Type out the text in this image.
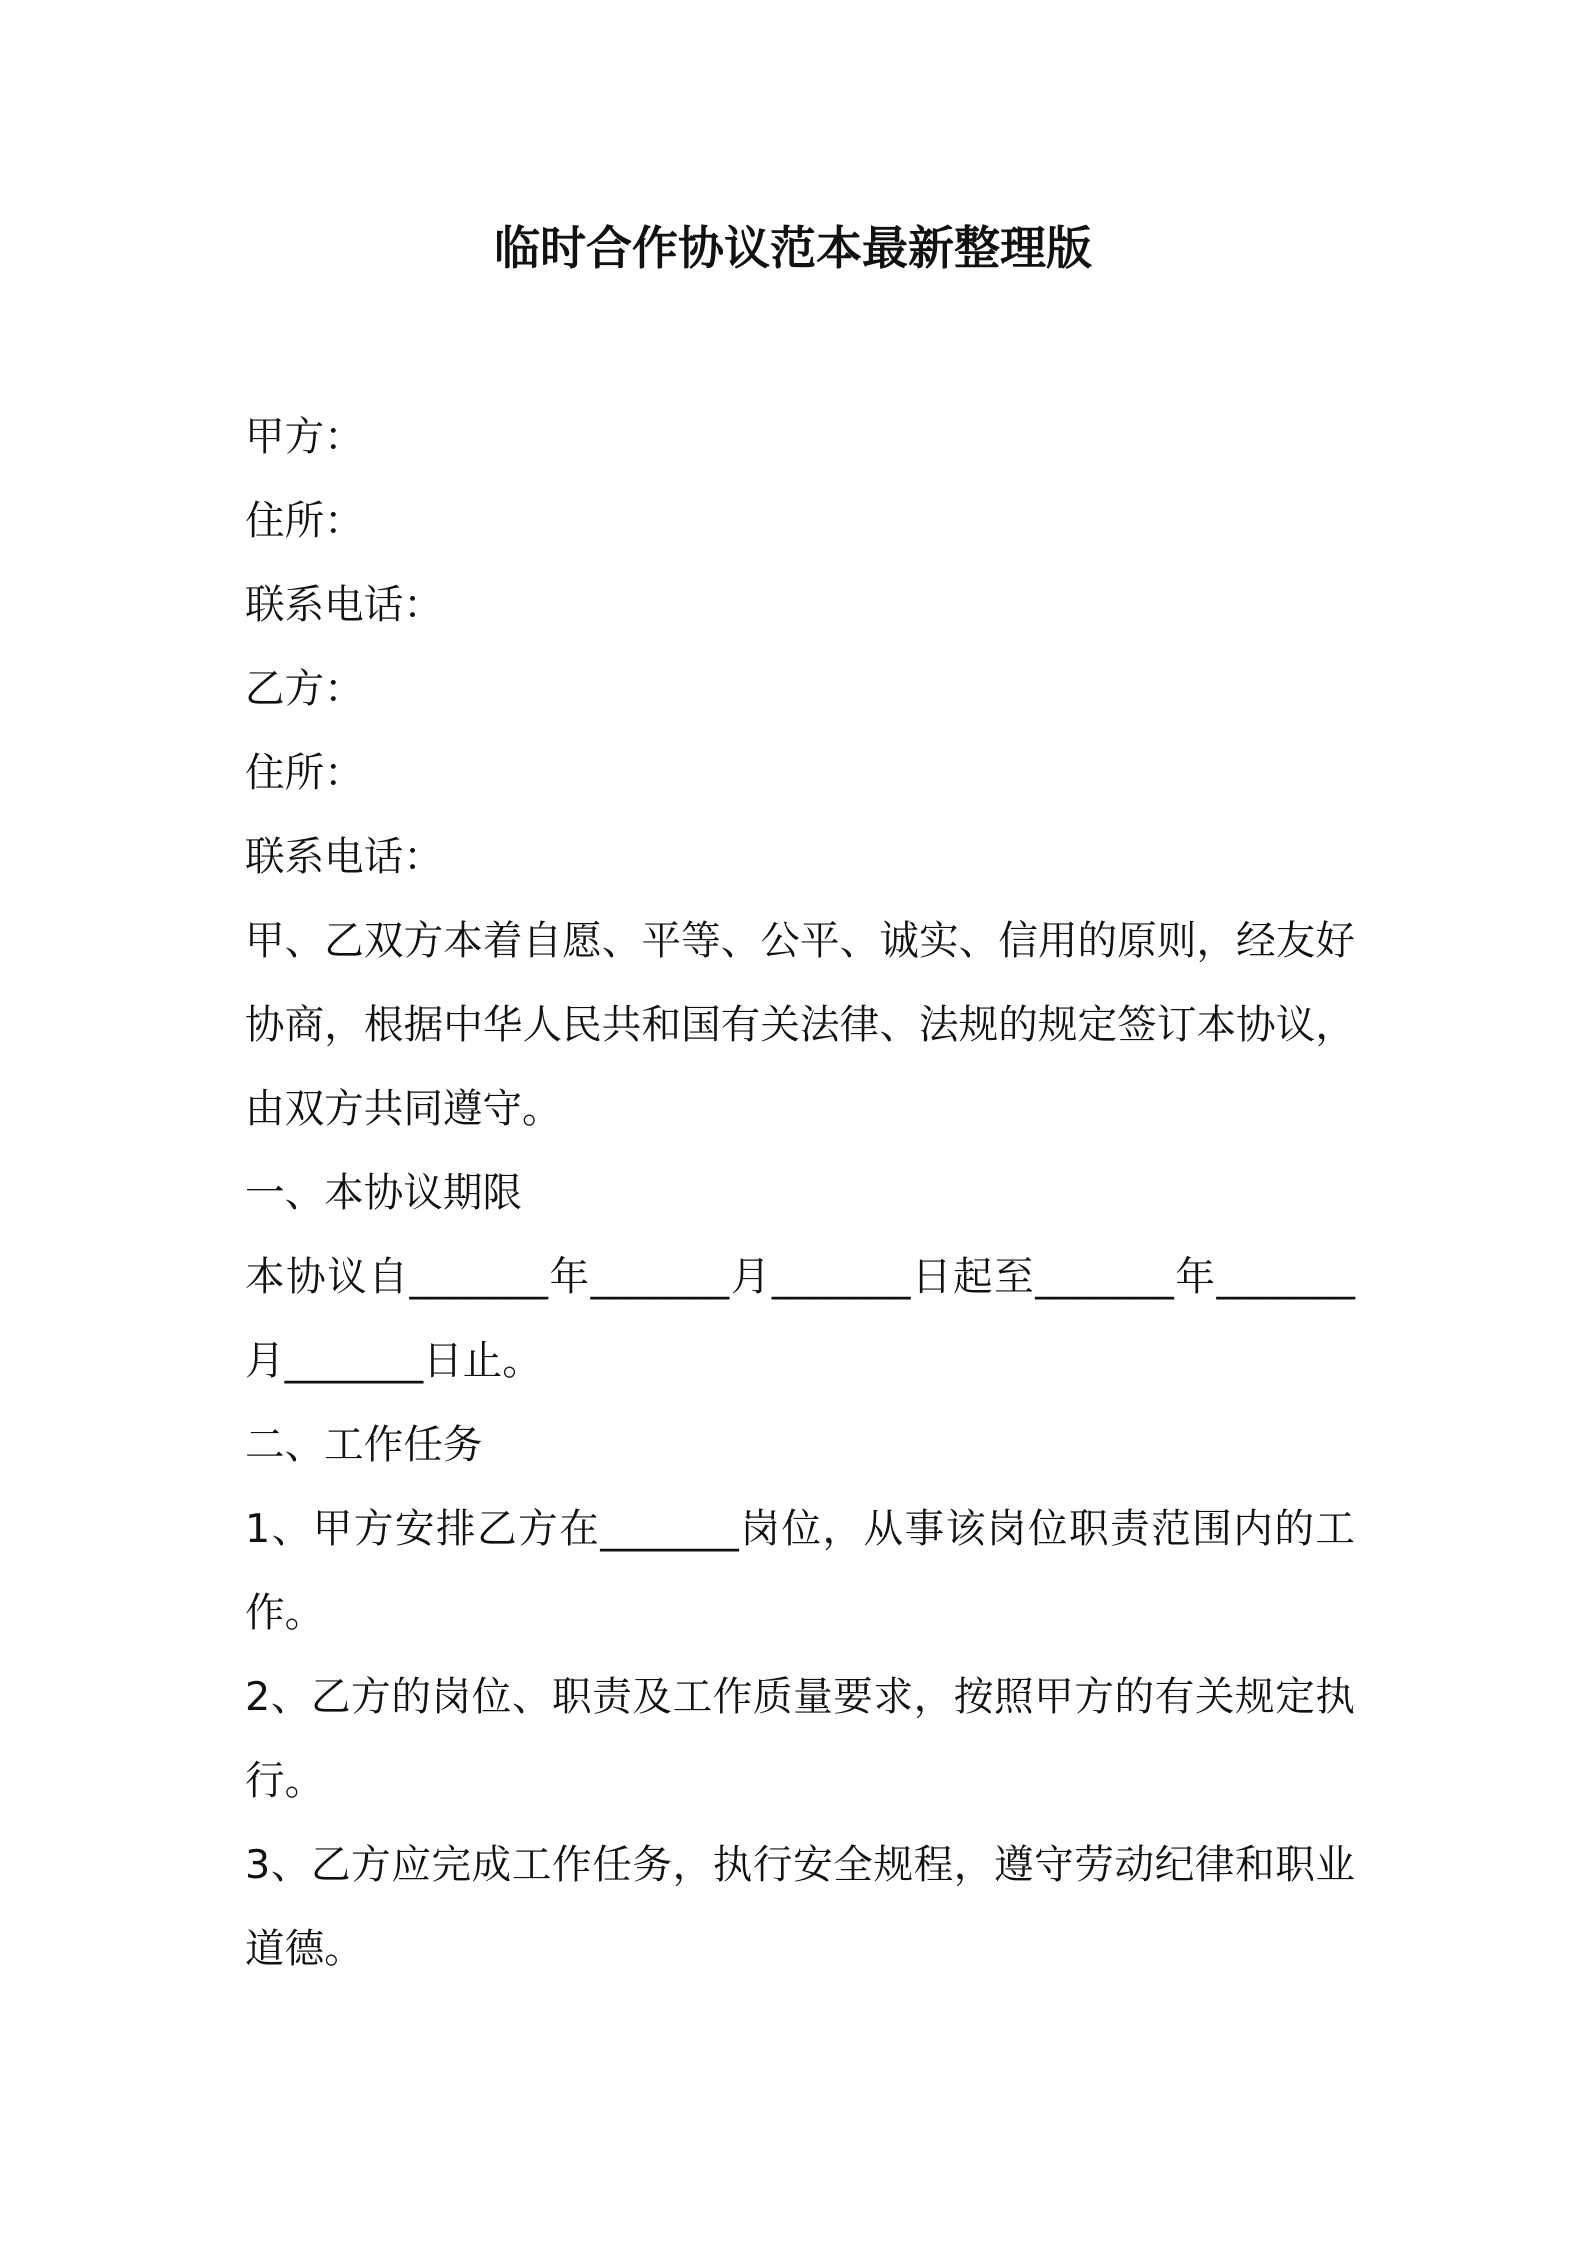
临时合作协议范本最新整理版

甲方：

住所：

联系电话：

乙方：

住所：

联系电话：

甲、乙双方本着自愿、平等、公平、诚实、信用的原则，经友好协商，根据中华人民共和国有关法律、法规的规定签订本协议，由双方共同遵守。

一、本协议期限

本协议自_______年_______月_______日起至_______年_______月_______日止。

二、工作任务

1、甲方安排乙方在_______岗位，从事该岗位职责范围内的工作。

2、乙方的岗位、职责及工作质量要求，按照甲方的有关规定执行。

3、乙方应完成工作任务，执行安全规程，遵守劳动纪律和职业道德。
